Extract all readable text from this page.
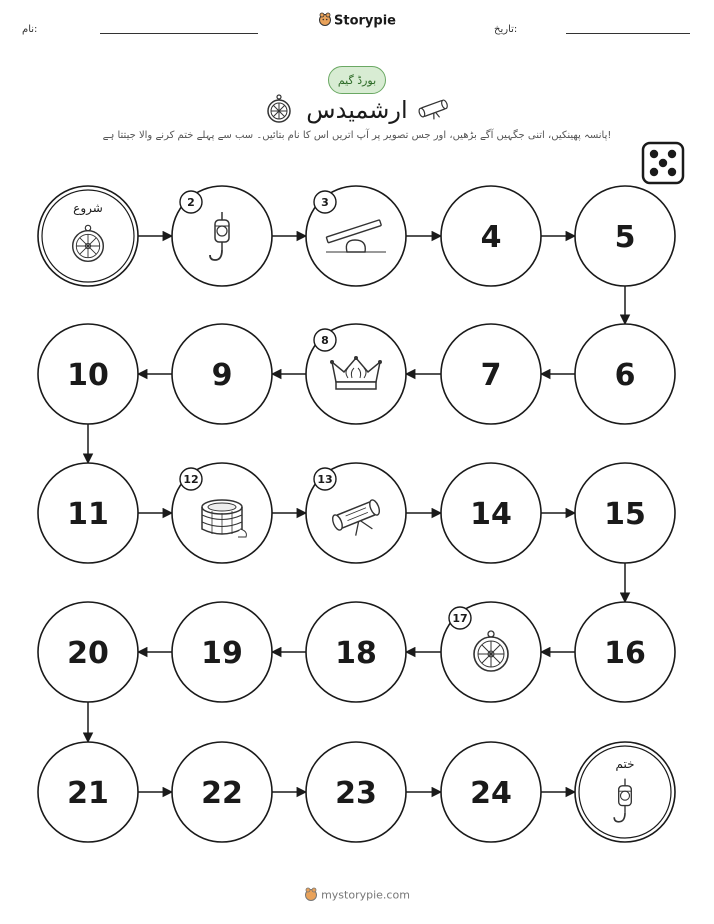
نام:
Storypie
تاریخ:
بورڈ گیم
ارشمیدس
پانسہ پھینکیں، اتنی جگہیں آگے بڑھیں، اور جس تصویر پر آپ اتریں اس کا نام بتائیں۔ سب سے پہلے ختم کرنے والا جیتتا ہے!
شروع	2	3
4	5
6
7
8
9
10
11
12	13
14	15
16
17
18
19
20
21	22	23	24
ختم
mystorypie.com
